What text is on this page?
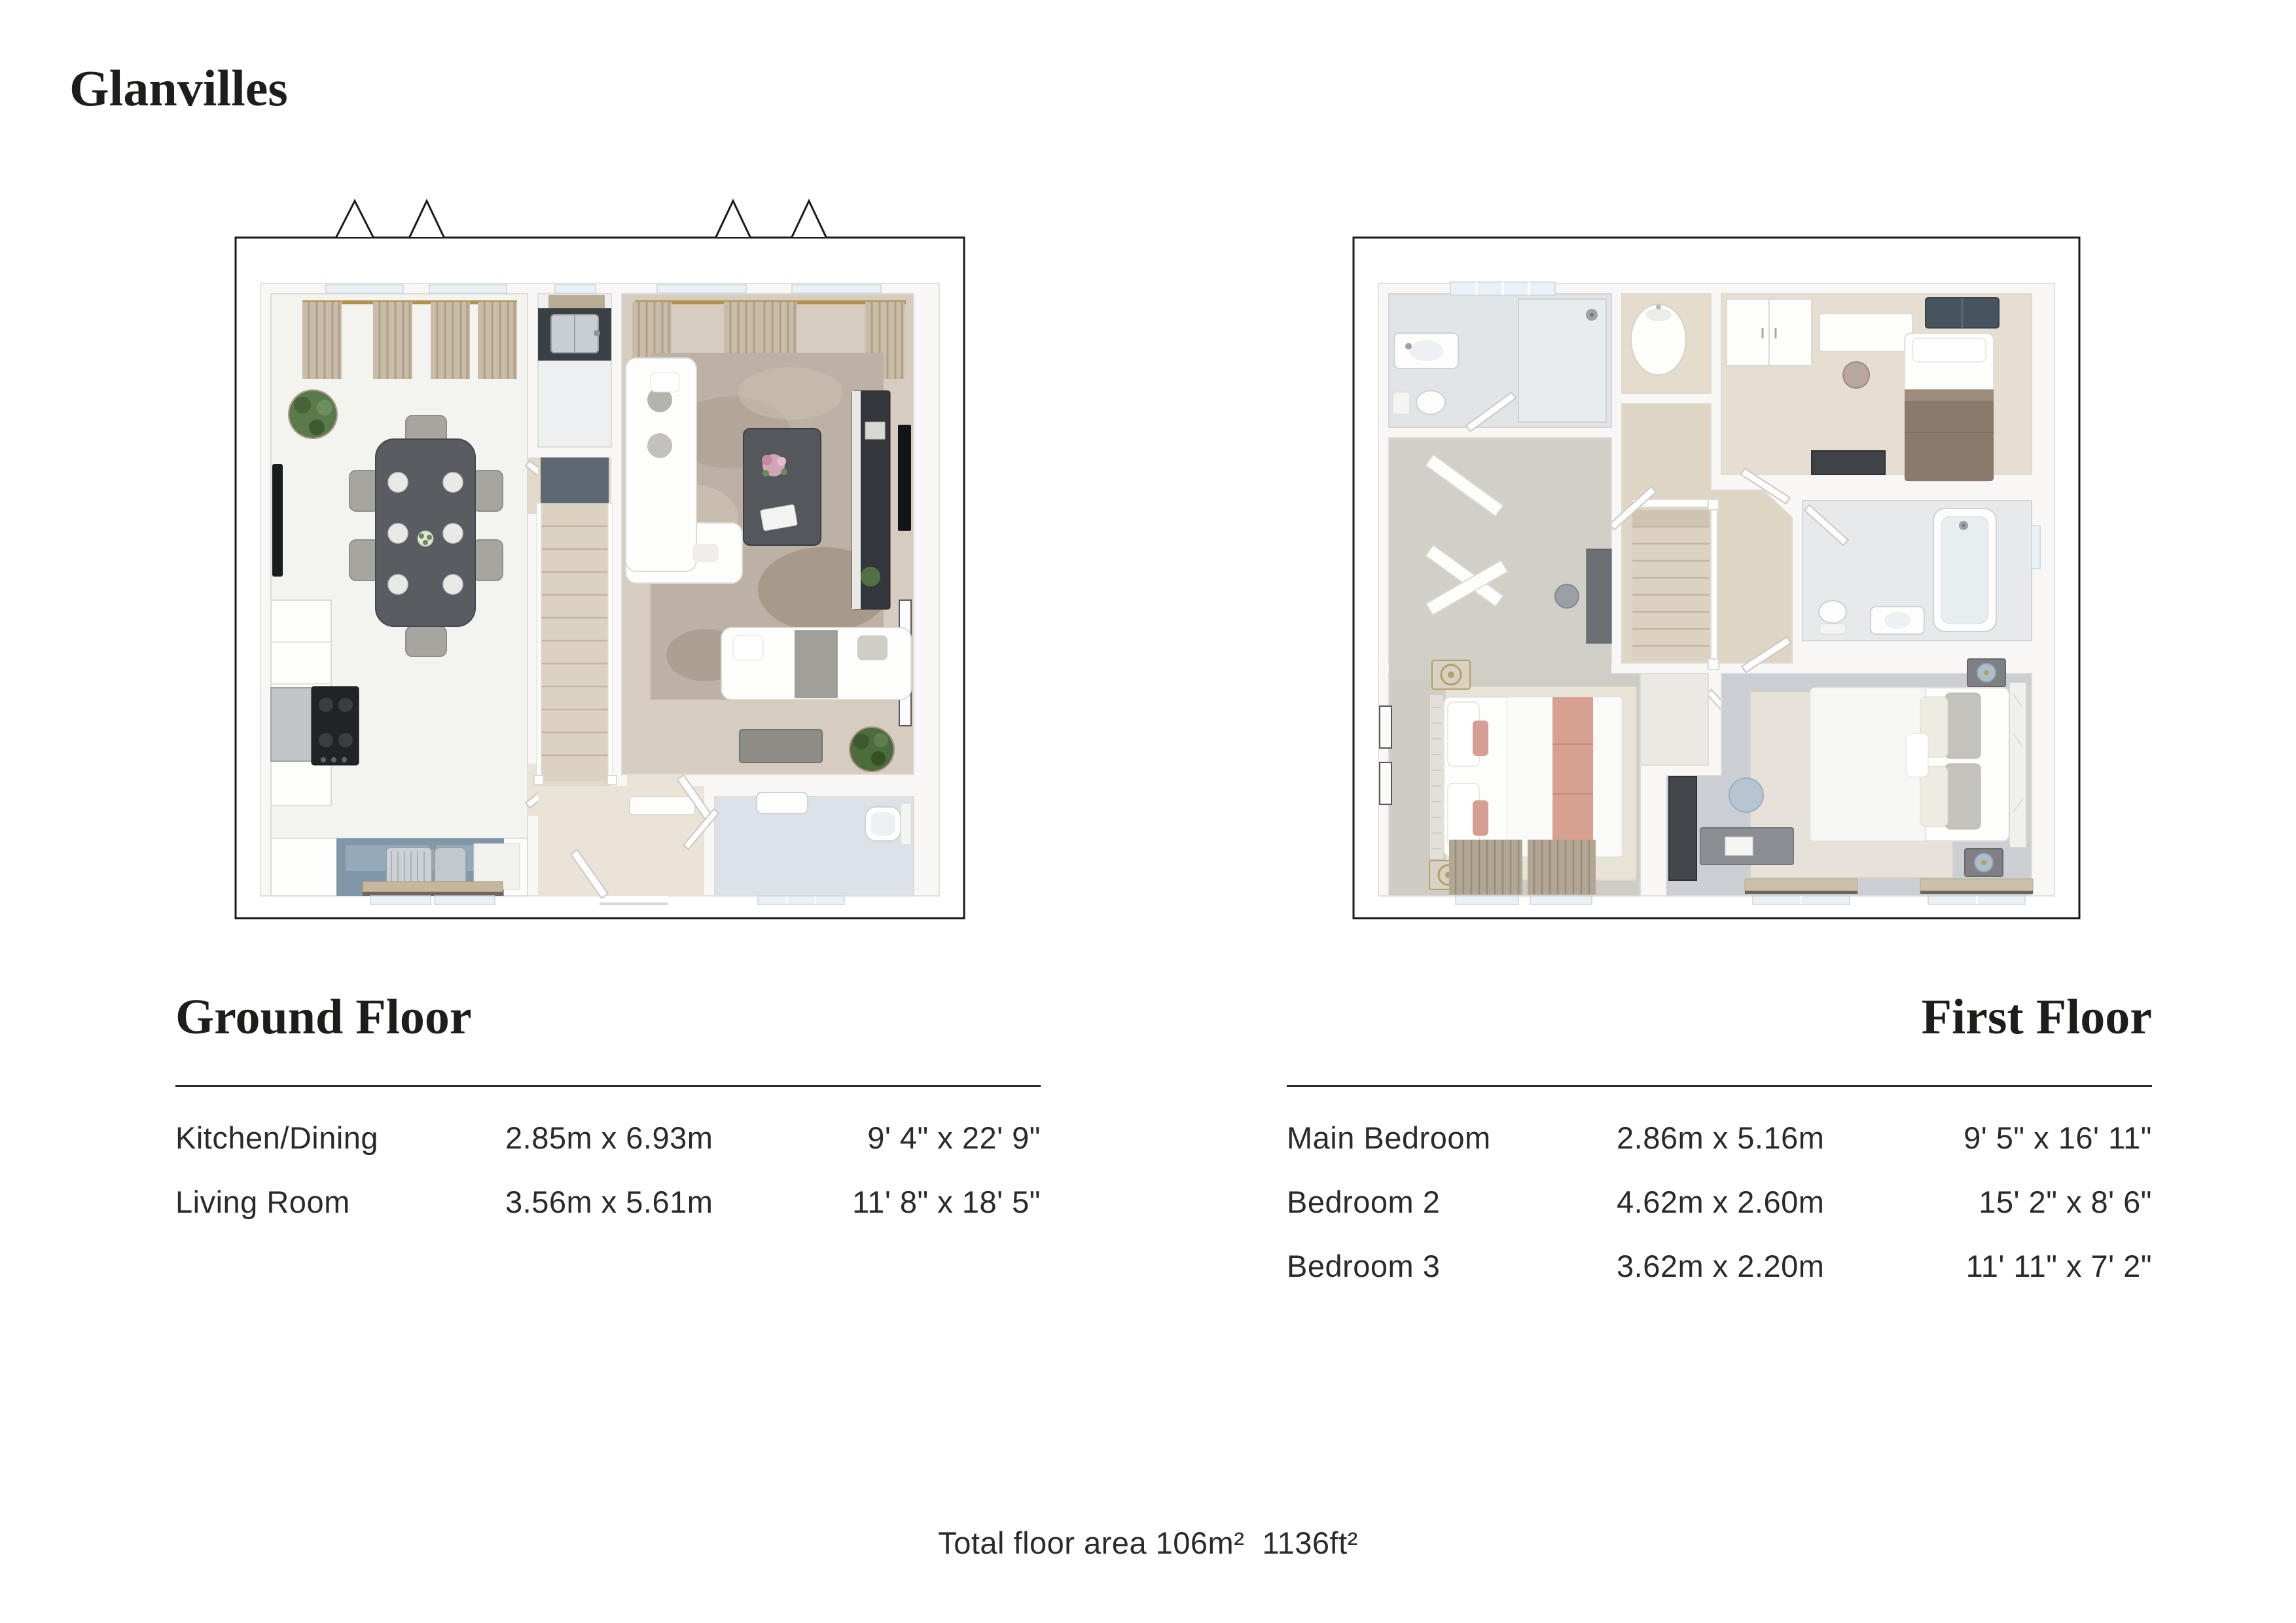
Glanvilles
Ground Floor
Kitchen/Dining	2.85m x 6.93m	9' 4" x 22' 9"
Living Room	3.56m x 5.61m	11' 8" x 18' 5"
First Floor
Main Bedroom	2.86m x 5.16m	9' 5" x 16' 11"
Bedroom 2	4.62m x 2.60m	15' 2" x 8' 6"
Bedroom 3	3.62m x 2.20m	11' 11" x 7' 2"

Total floor area 106m²  1136ft²
